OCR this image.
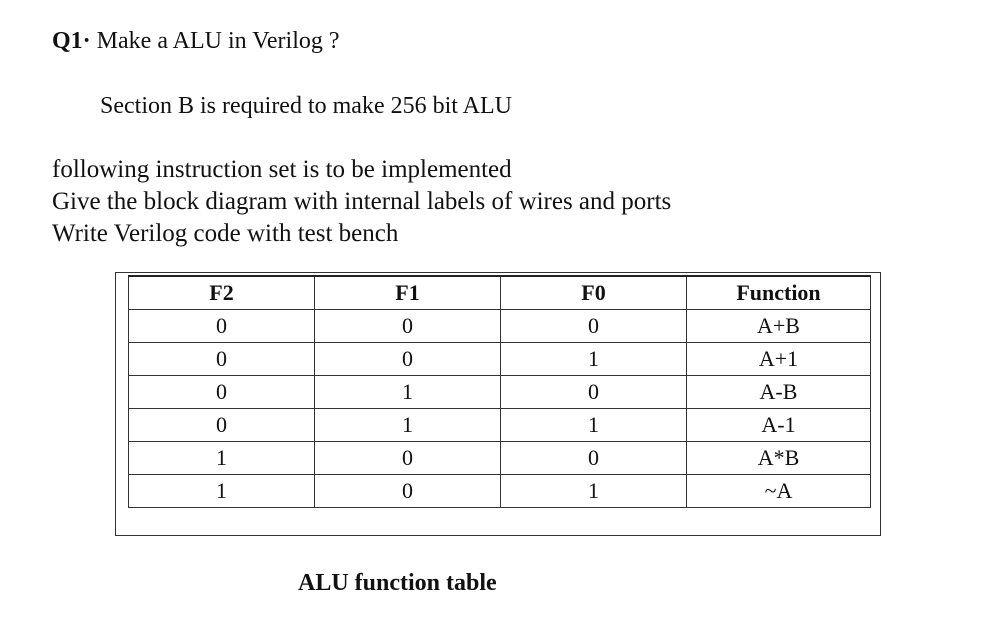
Q1· Make a ALU in Verilog ?
Section B is required to make 256 bit ALU
following instruction set is to be implemented
Give the block diagram with internal labels of wires and ports
Write Verilog code with test bench
F2	F1	F0	Function
0	0	0	A+B
0	0	1	A+1
0	1	0	A-B
0	1	1	A-1
1	0	0	A*B
1	0	1	~A
ALU function table
